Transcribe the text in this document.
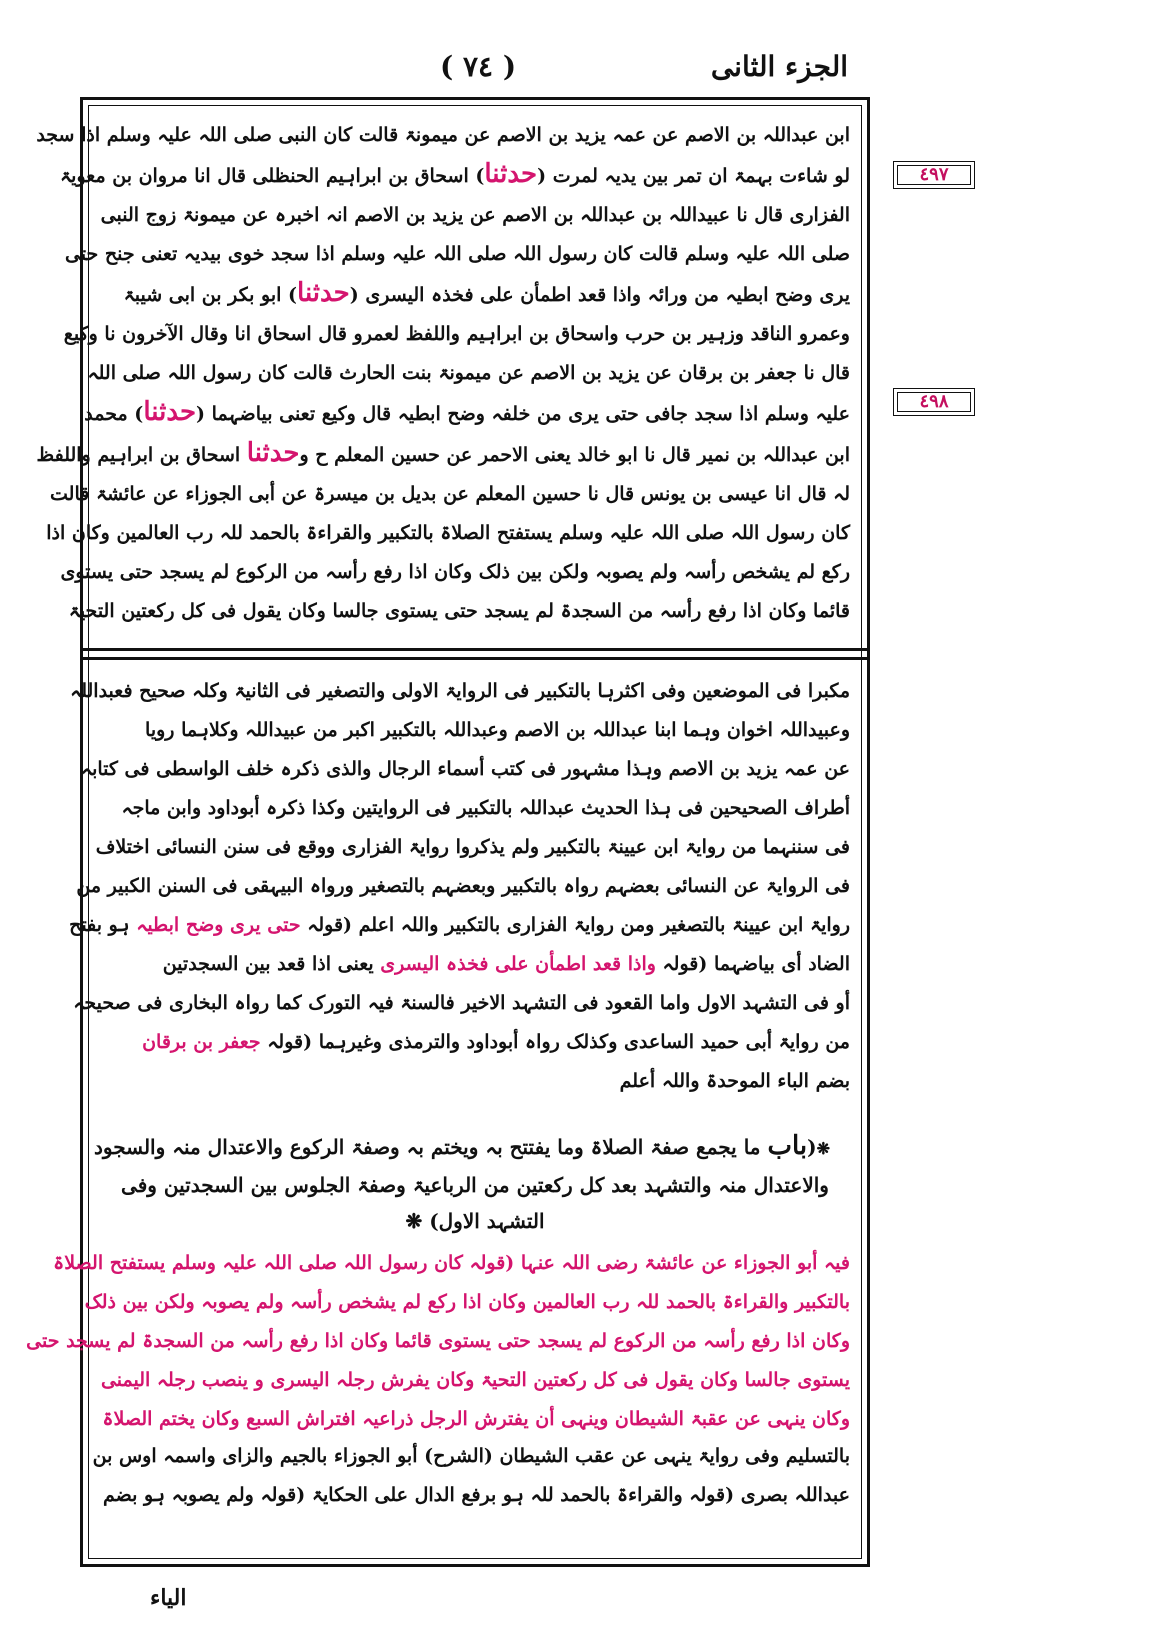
الجزء الثانی
( ٧٤ )
٤٩٧
٤٩٨
ابن عبداللہ بن الاصم عن عمہ یزید بن الاصم عن میمونۃ قالت کان النبی صلی اللہ علیہ وسلم اذا سجد
لو شاءت بہمۃ ان تمر بین یدیہ لمرت (حدثنا) اسحاق بن ابراہیم الحنظلی قال انا مروان بن معویۃ
الفزاری قال نا عبیداللہ بن عبداللہ بن الاصم عن یزید بن الاصم انہ اخبرہ عن میمونۃ زوج النبی
صلی اللہ علیہ وسلم قالت کان رسول اللہ صلی اللہ علیہ وسلم اذا سجد خوی بیدیہ تعنی جنح حتی
یری وضح ابطیہ من ورائہ واذا قعد اطمأن علی فخذہ الیسری (حدثنا) ابو بکر بن ابی شیبۃ
وعمرو الناقد وزہیر بن حرب واسحاق بن ابراہیم واللفظ لعمرو قال اسحاق انا وقال الآخرون نا وکیع
قال نا جعفر بن برقان عن یزید بن الاصم عن میمونۃ بنت الحارث قالت کان رسول اللہ صلی اللہ
علیہ وسلم اذا سجد جافی حتی یری من خلفہ وضح ابطیہ قال وکیع تعنی بیاضہما (حدثنا) محمد
ابن عبداللہ بن نمیر قال نا ابو خالد یعنی الاحمر عن حسین المعلم ح وحدثنا اسحاق بن ابراہیم واللفظ
لہ قال انا عیسی بن یونس قال نا حسین المعلم عن بدیل بن میسرۃ عن أبی الجوزاء عن عائشۃ قالت
کان رسول اللہ صلی اللہ علیہ وسلم یستفتح الصلاۃ بالتکبیر والقراءۃ بالحمد للہ رب العالمین وکان اذا
رکع لم یشخص رأسہ ولم یصوبہ ولکن بین ذلک وکان اذا رفع رأسہ من الرکوع لم یسجد حتی یستوی
قائما وکان اذا رفع رأسہ من السجدۃ لم یسجد حتی یستوی جالسا وکان یقول فی کل رکعتین التحیۃ
مکبرا فی الموضعین وفی اکثرہا بالتکبیر فی الروایۃ الاولی والتصغیر فی الثانیۃ وکلہ صحیح فعبداللہ
وعبیداللہ اخوان وہما ابنا عبداللہ بن الاصم وعبداللہ بالتکبیر اکبر من عبیداللہ وکلاہما رویا
عن عمہ یزید بن الاصم وہذا مشہور فی کتب أسماء الرجال والذی ذکرہ خلف الواسطی فی کتابہ
أطراف الصحیحین فی ہذا الحدیث عبداللہ بالتکبیر فی الروایتین وکذا ذکرہ أبوداود وابن ماجہ
فی سننہما من روایۃ ابن عیینۃ بالتکبیر ولم یذکروا روایۃ الفزاری ووقع فی سنن النسائی اختلاف
فی الروایۃ عن النسائی بعضہم رواہ بالتکبیر وبعضہم بالتصغیر ورواہ البیہقی فی السنن الکبیر من
روایۃ ابن عیینۃ بالتصغیر ومن روایۃ الفزاری بالتکبیر واللہ اعلم (قولہ حتی یری وضح ابطیہ ہو بفتح
الضاد أی بیاضہما (قولہ واذا قعد اطمأن علی فخذہ الیسری یعنی اذا قعد بین السجدتین
أو فی التشہد الاول واما القعود فی التشہد الاخیر فالسنۃ فیہ التورک کما رواہ البخاری فی صحیحہ
من روایۃ أبی حمید الساعدی وکذلک رواہ أبوداود والترمذی وغیرہما (قولہ جعفر بن برقان
بضم الباء الموحدۃ واللہ أعلم
❋(باب ما یجمع صفۃ الصلاۃ وما یفتتح بہ ویختم بہ وصفۃ الرکوع والاعتدال منہ والسجود
والاعتدال منہ والتشہد بعد کل رکعتین من الرباعیۃ وصفۃ الجلوس بین السجدتین وفی
التشہد الاول) ❋
فیہ أبو الجوزاء عن عائشۃ رضی اللہ عنہا (قولہ کان رسول اللہ صلی اللہ علیہ وسلم یستفتح الصلاۃ
بالتکبیر والقراءۃ بالحمد للہ رب العالمین وکان اذا رکع لم یشخص رأسہ ولم یصوبہ ولکن بین ذلک
وکان اذا رفع رأسہ من الرکوع لم یسجد حتی یستوی قائما وکان اذا رفع رأسہ من السجدۃ لم یسجد حتی
یستوی جالسا وکان یقول فی کل رکعتین التحیۃ وکان یفرش رجلہ الیسری و ینصب رجلہ الیمنی
وکان ینہی عن عقبۃ الشیطان وینہی أن یفترش الرجل ذراعیہ افتراش السبع وکان یختم الصلاۃ
بالتسلیم وفی روایۃ ینہی عن عقب الشیطان (الشرح) أبو الجوزاء بالجیم والزای واسمہ اوس بن
عبداللہ بصری (قولہ والقراءۃ بالحمد للہ ہو برفع الدال علی الحکایۃ (قولہ ولم یصوبہ ہو بضم
الیاء
